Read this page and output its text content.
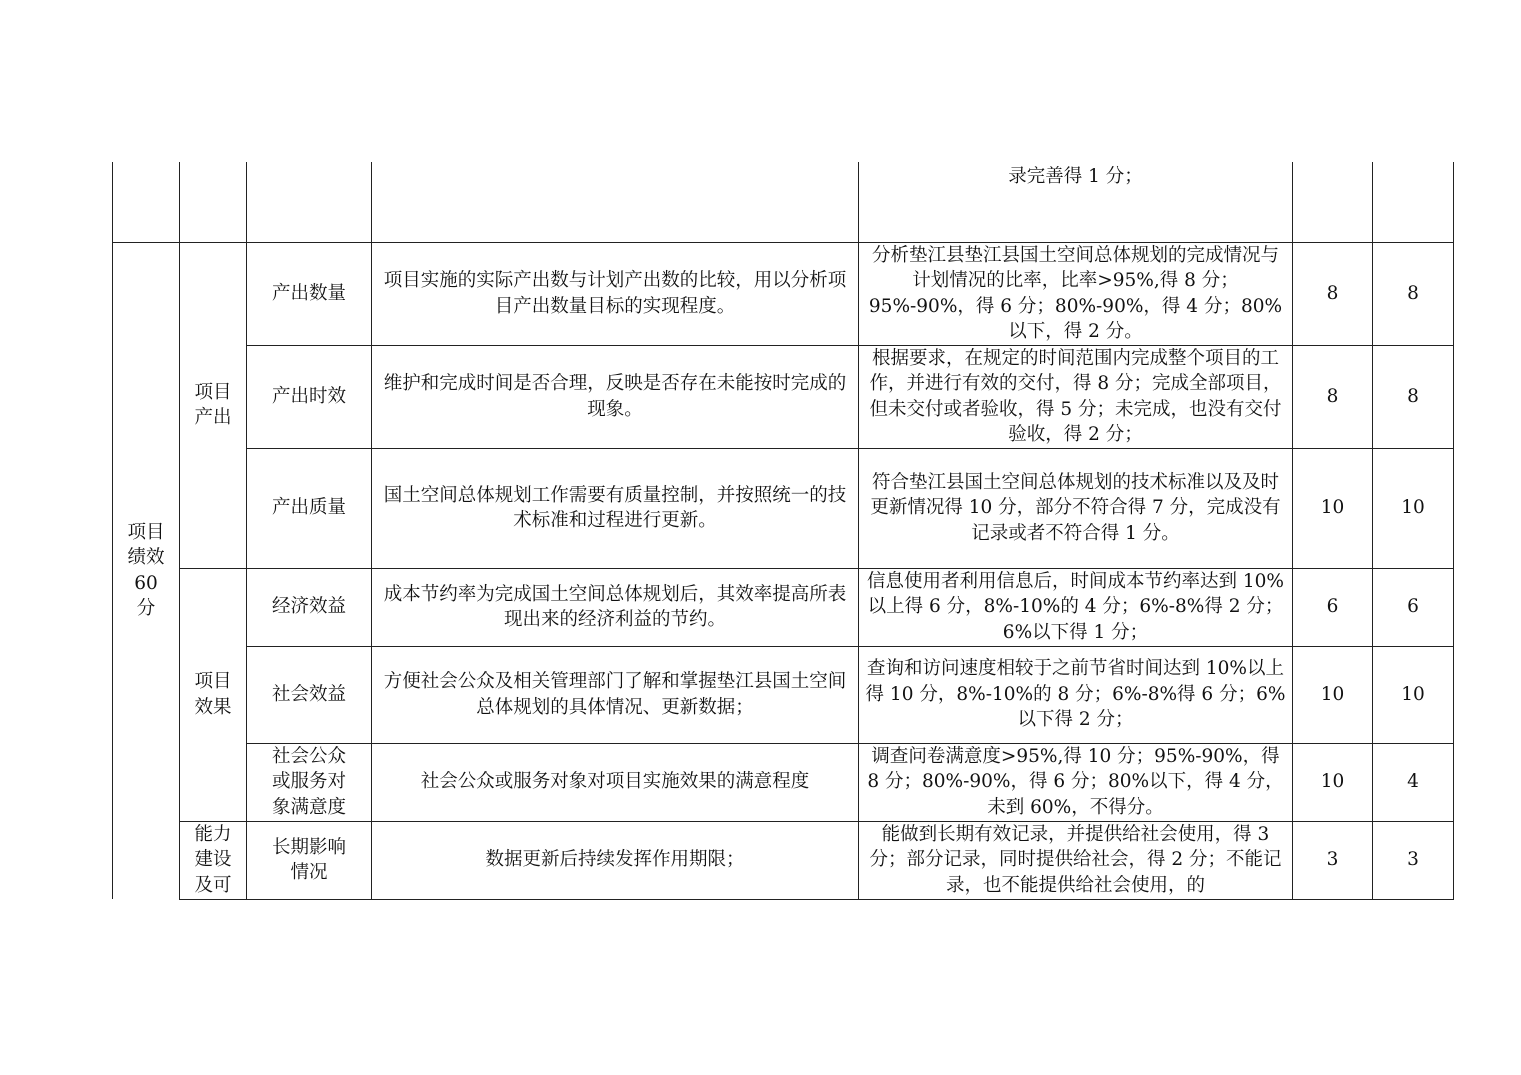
				录完善得 1 分；		
项目绩效 60 分	项目产出	产出数量	项目实施的实际产出数与计划产出数的比较，用以分析项目产出数量目标的实现程度。	分析垫江县垫江县国土空间总体规划的完成情况与计划情况的比率，比率>95%,得 8 分；95%-90%，得 6 分；80%-90%，得 4 分；80%以下，得 2 分。	8	8
		产出时效	维护和完成时间是否合理，反映是否存在未能按时完成的现象。	根据要求，在规定的时间范围内完成整个项目的工作，并进行有效的交付，得 8 分；完成全部项目，但未交付或者验收，得 5 分；未完成，也没有交付验收，得 2 分；	8	8
		产出质量	国土空间总体规划工作需要有质量控制，并按照统一的技术标准和过程进行更新。	符合垫江县国土空间总体规划的技术标准以及及时更新情况得 10 分，部分不符合得 7 分，完成没有记录或者不符合得 1 分。	10	10
	项目效果	经济效益	成本节约率为完成国土空间总体规划后，其效率提高所表现出来的经济利益的节约。	信息使用者利用信息后，时间成本节约率达到 10%以上得 6 分，8%-10%的 4 分；6%-8%得 2 分；6%以下得 1 分；	6	6
		社会效益	方便社会公众及相关管理部门了解和掌握垫江县国土空间总体规划的具体情况、更新数据；	查询和访问速度相较于之前节省时间达到 10%以上得 10 分，8%-10%的 8 分；6%-8%得 6 分；6%以下得 2 分；	10	10
		社会公众或服务对象满意度	社会公众或服务对象对项目实施效果的满意程度	调查问卷满意度>95%,得 10 分；95%-90%，得 8 分；80%-90%，得 6 分；80%以下，得 4 分，未到 60%，不得分。	10	4
	能力建设及可	长期影响情况	数据更新后持续发挥作用期限；	能做到长期有效记录，并提供给社会使用，得 3 分；部分记录，同时提供给社会，得 2 分；不能记录，也不能提供给社会使用，的	3	3
